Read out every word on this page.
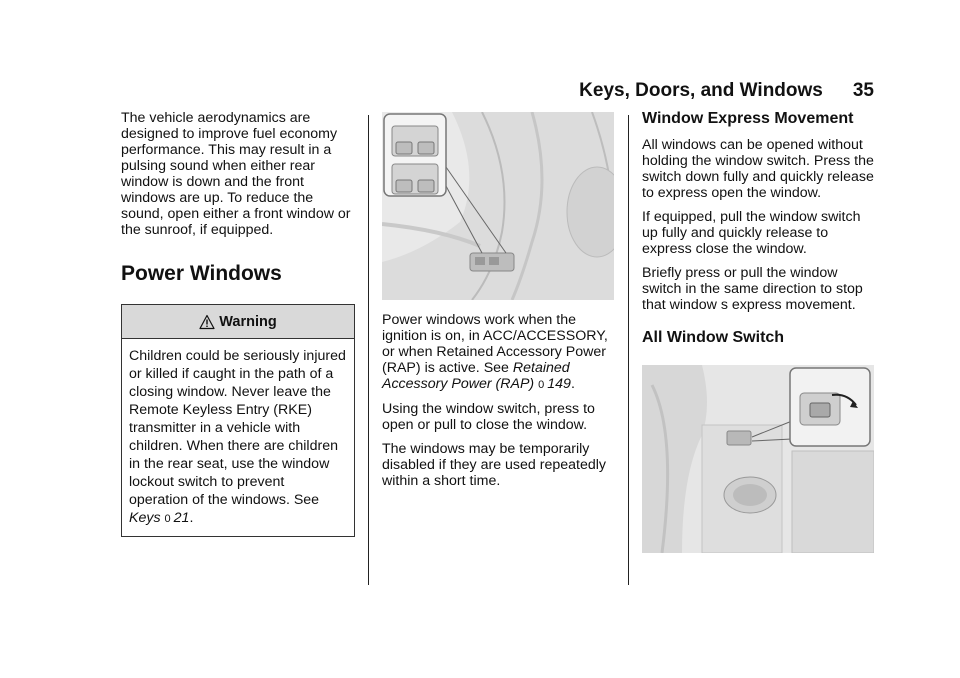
Keys, Doors, and Windows 35

The vehicle aerodynamics are designed to improve fuel economy performance. This may result in a pulsing sound when either rear window is down and the front windows are up. To reduce the sound, open either a front window or the sunroof, if equipped.

Power Windows
Warning
Children could be seriously injured or killed if caught in the path of a closing window. Never leave the Remote Keyless Entry (RKE) transmitter in a vehicle with children. When there are children in the rear seat, use the window lockout switch to prevent operation of the windows. See Keys 0 21.

Power windows work when the ignition is on, in ACC/ACCESSORY, or when Retained Accessory Power (RAP) is active. See Retained Accessory Power (RAP) 0 149.

Using the window switch, press to open or pull to close the window.

The windows may be temporarily disabled if they are used repeatedly within a short time.

Window Express Movement

All windows can be opened without holding the window switch. Press the switch down fully and quickly release to express open the window.

If equipped, pull the window switch up fully and quickly release to express close the window.

Briefly press or pull the window switch in the same direction to stop that window s express movement.

All Window Switch
